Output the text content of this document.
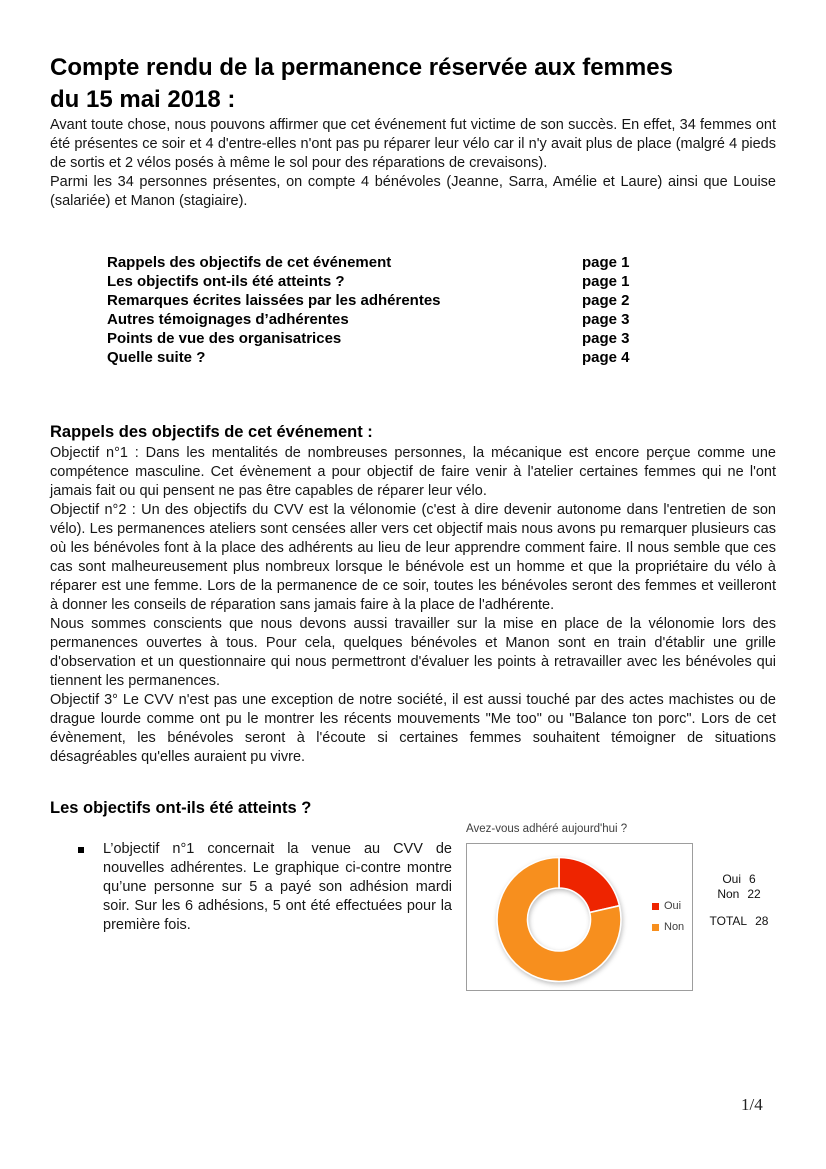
Compte rendu de la permanence réservée aux femmes
du 15 mai 2018 :

Avant toute chose, nous pouvons affirmer que cet événement fut victime de son succès. En effet, 34 femmes ont été présentes ce soir et 4 d'entre-elles n'ont pas pu réparer leur vélo car il n'y avait plus de place (malgré 4 pieds de sortis et 2 vélos posés à même le sol pour des réparations de crevaisons).

Parmi les 34 personnes présentes, on compte 4 bénévoles (Jeanne, Sarra, Amélie et Laure) ainsi que Louise (salariée) et Manon (stagiaire).

Rappels des objectifs de cet événement	page 1
Les objectifs ont-ils été atteints ?	page 1
Remarques écrites laissées par les adhérentes	page 2
Autres témoignages d’adhérentes	page 3
Points de vue des organisatrices	page 3
Quelle suite ?	page 4
Rappels des objectifs de cet événement :

Objectif n°1 : Dans les mentalités de nombreuses personnes, la mécanique est encore perçue comme une compétence masculine. Cet évènement a pour objectif de faire venir à l'atelier certaines femmes qui ne l'ont jamais fait ou qui pensent ne pas être capables de réparer leur vélo.

Objectif n°2 : Un des objectifs du CVV est la vélonomie (c'est à dire devenir autonome dans l'entretien de son vélo). Les permanences ateliers sont censées aller vers cet objectif mais nous avons pu remarquer plusieurs cas où les bénévoles font à la place des adhérents au lieu de leur apprendre comment faire. Il nous semble que ces cas sont malheureusement plus nombreux lorsque le bénévole est un homme et que la propriétaire du vélo à réparer est une femme. Lors de la permanence de ce soir, toutes les bénévoles seront des femmes et veilleront à donner les conseils de réparation sans jamais faire à la place de l'adhérente.

Nous sommes conscients que nous devons aussi travailler sur la mise en place de la vélonomie lors des permanences ouvertes à tous. Pour cela, quelques bénévoles et Manon sont en train d'établir une grille d'observation et un questionnaire qui nous permettront d'évaluer les points à retravailler avec les bénévoles qui tiennent les permanences.

Objectif 3° Le CVV n'est pas une exception de notre société, il est aussi touché par des actes machistes ou de drague lourde comme ont pu le montrer les récents mouvements "Me too" ou "Balance ton porc". Lors de cet évènement, les bénévoles seront à l'écoute si certaines femmes souhaitent témoigner de situations désagréables qu'elles auraient pu vivre.

Les objectifs ont-ils été atteints ?

L’objectif n°1 concernait la venue au CVV de nouvelles adhérentes. Le graphique ci-contre montre qu’une personne sur 5 a payé son adhésion mardi soir. Sur les 6 adhésions, 5 ont été effectuées pour la première fois.

Avez-vous adhéré aujourd'hui ?
Oui
Non
Oui 6
Non 22
TOTAL 28
1/4
